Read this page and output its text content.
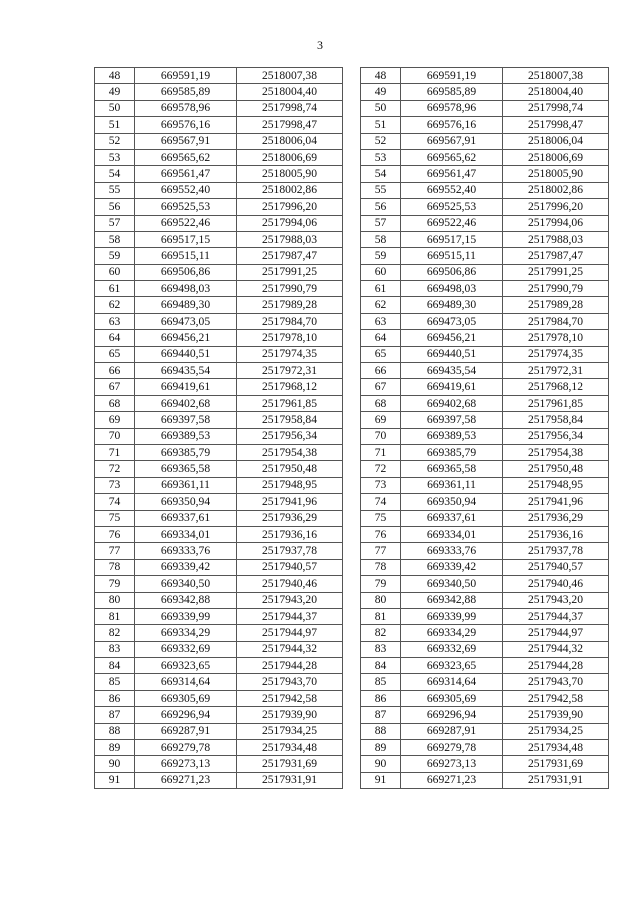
3
48	669591,19	2518007,38
49	669585,89	2518004,40
50	669578,96	2517998,74
51	669576,16	2517998,47
52	669567,91	2518006,04
53	669565,62	2518006,69
54	669561,47	2518005,90
55	669552,40	2518002,86
56	669525,53	2517996,20
57	669522,46	2517994,06
58	669517,15	2517988,03
59	669515,11	2517987,47
60	669506,86	2517991,25
61	669498,03	2517990,79
62	669489,30	2517989,28
63	669473,05	2517984,70
64	669456,21	2517978,10
65	669440,51	2517974,35
66	669435,54	2517972,31
67	669419,61	2517968,12
68	669402,68	2517961,85
69	669397,58	2517958,84
70	669389,53	2517956,34
71	669385,79	2517954,38
72	669365,58	2517950,48
73	669361,11	2517948,95
74	669350,94	2517941,96
75	669337,61	2517936,29
76	669334,01	2517936,16
77	669333,76	2517937,78
78	669339,42	2517940,57
79	669340,50	2517940,46
80	669342,88	2517943,20
81	669339,99	2517944,37
82	669334,29	2517944,97
83	669332,69	2517944,32
84	669323,65	2517944,28
85	669314,64	2517943,70
86	669305,69	2517942,58
87	669296,94	2517939,90
88	669287,91	2517934,25
89	669279,78	2517934,48
90	669273,13	2517931,69
91	669271,23	2517931,91
48	669591,19	2518007,38
49	669585,89	2518004,40
50	669578,96	2517998,74
51	669576,16	2517998,47
52	669567,91	2518006,04
53	669565,62	2518006,69
54	669561,47	2518005,90
55	669552,40	2518002,86
56	669525,53	2517996,20
57	669522,46	2517994,06
58	669517,15	2517988,03
59	669515,11	2517987,47
60	669506,86	2517991,25
61	669498,03	2517990,79
62	669489,30	2517989,28
63	669473,05	2517984,70
64	669456,21	2517978,10
65	669440,51	2517974,35
66	669435,54	2517972,31
67	669419,61	2517968,12
68	669402,68	2517961,85
69	669397,58	2517958,84
70	669389,53	2517956,34
71	669385,79	2517954,38
72	669365,58	2517950,48
73	669361,11	2517948,95
74	669350,94	2517941,96
75	669337,61	2517936,29
76	669334,01	2517936,16
77	669333,76	2517937,78
78	669339,42	2517940,57
79	669340,50	2517940,46
80	669342,88	2517943,20
81	669339,99	2517944,37
82	669334,29	2517944,97
83	669332,69	2517944,32
84	669323,65	2517944,28
85	669314,64	2517943,70
86	669305,69	2517942,58
87	669296,94	2517939,90
88	669287,91	2517934,25
89	669279,78	2517934,48
90	669273,13	2517931,69
91	669271,23	2517931,91
